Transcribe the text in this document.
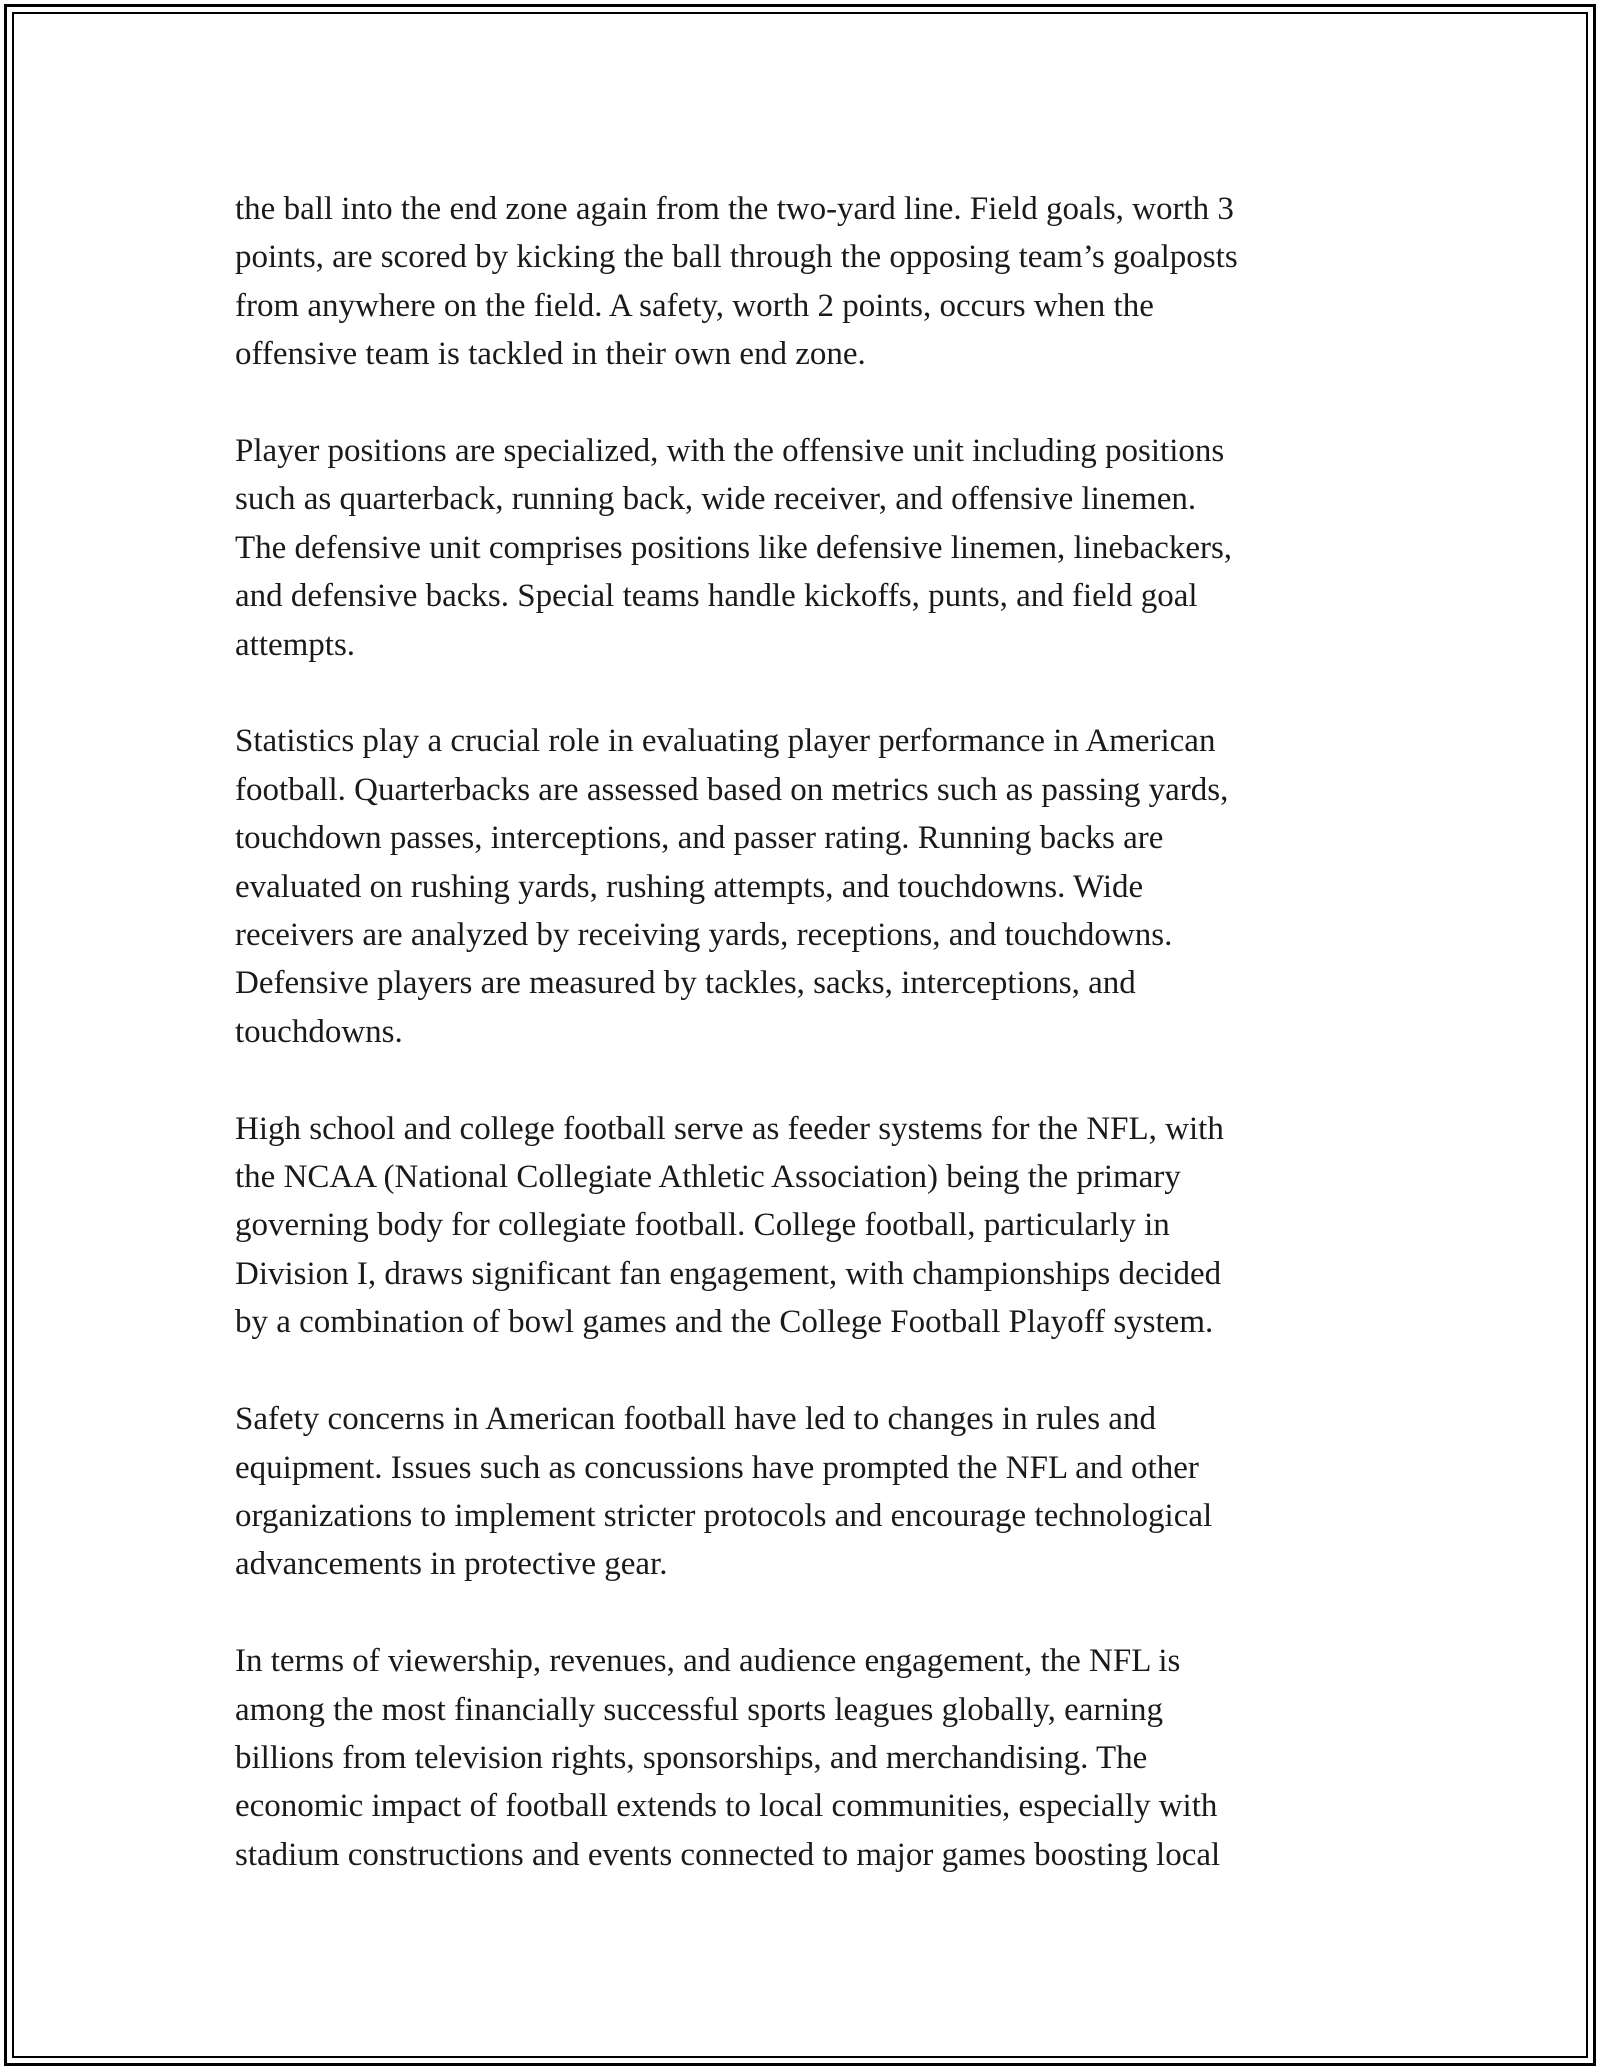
the ball into the end zone again from the two-yard line. Field goals, worth 3
points, are scored by kicking the ball through the opposing team’s goalposts
from anywhere on the field. A safety, worth 2 points, occurs when the
offensive team is tackled in their own end zone.

Player positions are specialized, with the offensive unit including positions
such as quarterback, running back, wide receiver, and offensive linemen.
The defensive unit comprises positions like defensive linemen, linebackers,
and defensive backs. Special teams handle kickoffs, punts, and field goal
attempts.

Statistics play a crucial role in evaluating player performance in American
football. Quarterbacks are assessed based on metrics such as passing yards,
touchdown passes, interceptions, and passer rating. Running backs are
evaluated on rushing yards, rushing attempts, and touchdowns. Wide
receivers are analyzed by receiving yards, receptions, and touchdowns.
Defensive players are measured by tackles, sacks, interceptions, and
touchdowns.

High school and college football serve as feeder systems for the NFL, with
the NCAA (National Collegiate Athletic Association) being the primary
governing body for collegiate football. College football, particularly in
Division I, draws significant fan engagement, with championships decided
by a combination of bowl games and the College Football Playoff system.

Safety concerns in American football have led to changes in rules and
equipment. Issues such as concussions have prompted the NFL and other
organizations to implement stricter protocols and encourage technological
advancements in protective gear.

In terms of viewership, revenues, and audience engagement, the NFL is
among the most financially successful sports leagues globally, earning
billions from television rights, sponsorships, and merchandising. The
economic impact of football extends to local communities, especially with
stadium constructions and events connected to major games boosting local
